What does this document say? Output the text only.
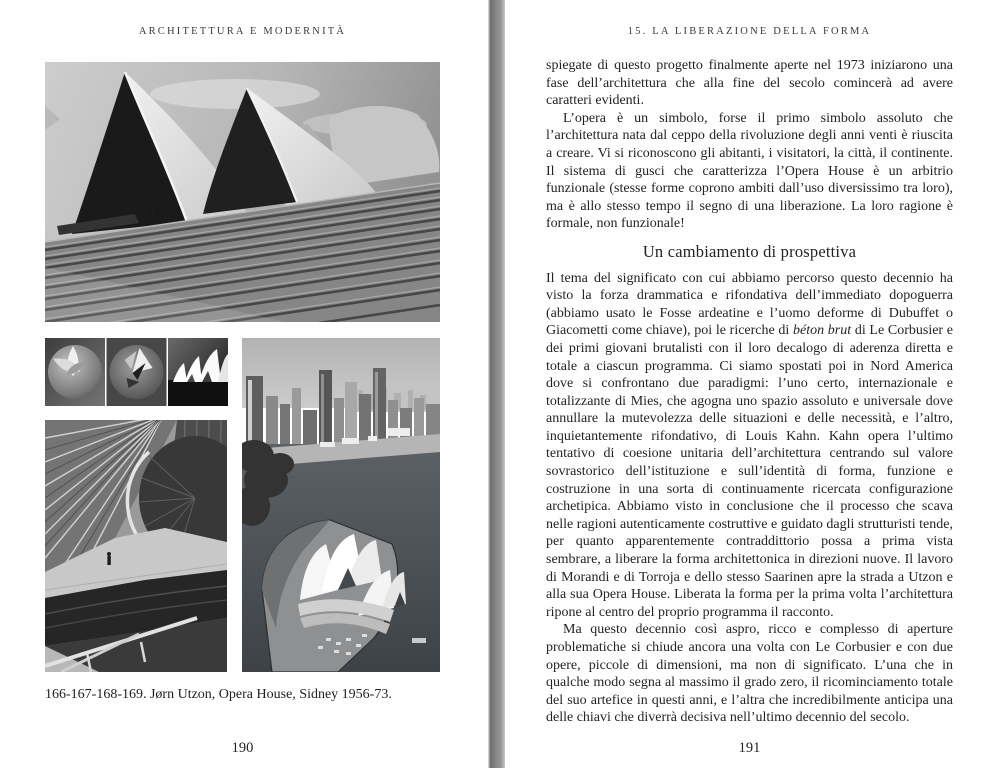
ARCHITETTURA E MODERNITÀ
166-167-168-169. Jørn Utzon, Opera House, Sidney 1956-73.
190
15. LA LIBERAZIONE DELLA FORMA

spiegate di questo progetto finalmente aperte nel 1973 iniziarono una fase dell’architettura che alla fine del secolo comincerà ad avere caratteri evidenti.

L’opera è un simbolo, forse il primo simbolo assoluto che l’architettura nata dal ceppo della rivoluzione degli anni venti è riuscita a creare. Vi si riconoscono gli abitanti, i visitatori, la città, il continente. Il sistema di gusci che caratterizza l’Opera House è un arbitrio funzionale (stesse forme coprono ambiti dall’uso diversissimo tra loro), ma è allo stesso tempo il segno di una liberazione. La loro ragione è formale, non funzionale!

Un cambiamento di prospettiva

Il tema del significato con cui abbiamo percorso questo decennio ha visto la forza drammatica e rifondativa dell’immediato dopoguerra (abbiamo usato le Fosse ardeatine e l’uomo deforme di Dubuffet o Giacometti come chiave), poi le ricerche di béton brut di Le Corbusier e dei primi giovani brutalisti con il loro decalogo di aderenza diretta e totale a ciascun programma. Ci siamo spostati poi in Nord America dove si confrontano due paradigmi: l’uno certo, internazionale e totalizzante di Mies, che agogna uno spazio assoluto e universale dove annullare la mutevolezza delle situazioni e delle necessità, e l’altro, inquietantemente rifondativo, di Louis Kahn. Kahn opera l’ultimo tentativo di coesione unitaria dell’architettura centrando sul valore sovrastorico dell’istituzione e sull’identità di forma, funzione e costruzione in una sorta di continuamente ricercata configurazione archetipica. Abbiamo visto in conclusione che il processo che scava nelle ragioni autenticamente costruttive e guidato dagli strutturisti tende, per quanto apparentemente contraddittorio possa a prima vista sembrare, a liberare la forma architettonica in direzioni nuove. Il lavoro di Morandi e di Torroja e dello stesso Saarinen apre la strada a Utzon e alla sua Opera House. Liberata la forma per la prima volta l’architettura ripone al centro del proprio programma il racconto.

Ma questo decennio così aspro, ricco e complesso di aperture problematiche si chiude ancora una volta con Le Corbusier e con due opere, piccole di dimensioni, ma non di significato. L’una che in qualche modo segna al massimo il grado zero, il ricominciamento totale del suo artefice in questi anni, e l’altra che incredibilmente anticipa una delle chiavi che diverrà decisiva nell’ultimo decennio del secolo.

191
